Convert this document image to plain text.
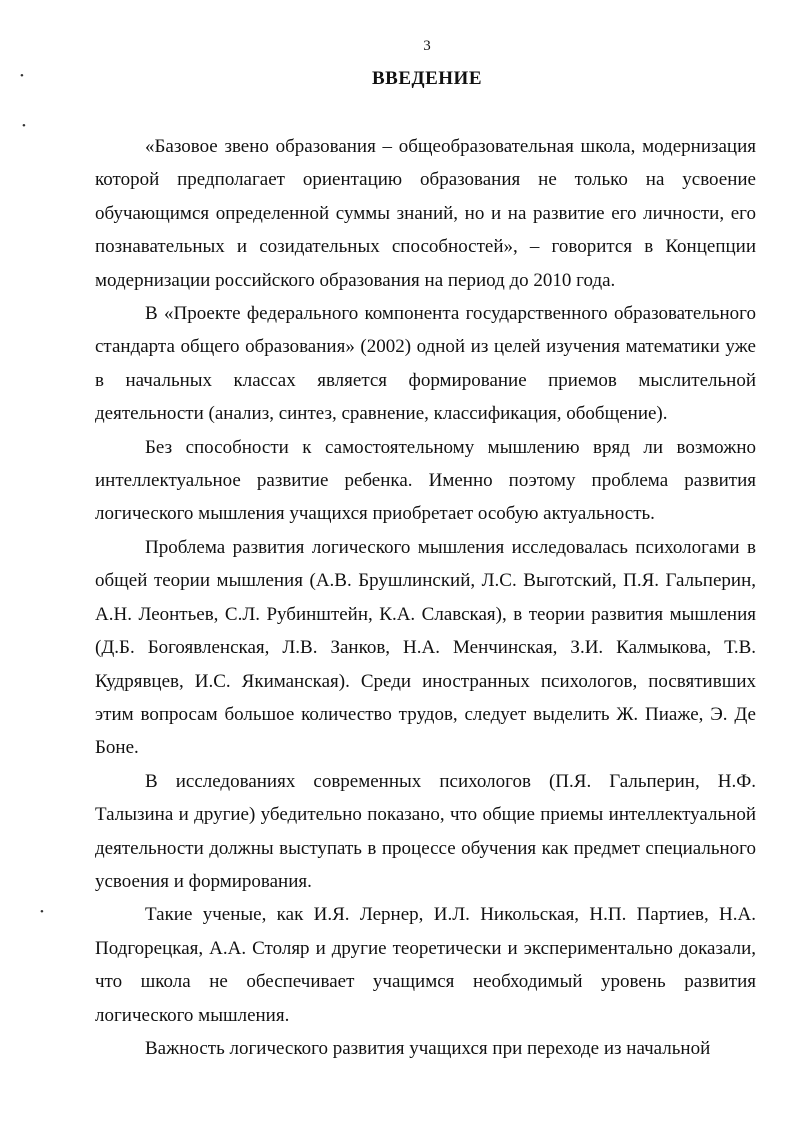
3
ВВЕДЕНИЕ
•
•
•

«Базовое звено образования – общеобразовательная школа, модернизация которой предполагает ориентацию образования не только на усвоение обучающимся определенной суммы знаний, но и на развитие его личности, его познавательных и созидательных способностей», – говорится в Концепции модернизации российского образования на период до 2010 года.

В «Проекте федерального компонента государственного образовательного стандарта общего образования» (2002) одной из целей изучения математики уже в начальных классах является формирование приемов мыслительной деятельности (анализ, синтез, сравнение, классификация, обобщение).

Без способности к самостоятельному мышлению вряд ли возможно интеллектуальное развитие ребенка. Именно поэтому проблема развития логического мышления учащихся приобретает особую актуальность.

Проблема развития логического мышления исследовалась психологами в общей теории мышления (А.В. Брушлинский, Л.С. Выготский, П.Я. Гальперин, А.Н. Леонтьев, С.Л. Рубинштейн, К.А. Славская), в теории развития мышления (Д.Б. Богоявленская, Л.В. Занков, Н.А. Менчинская, З.И. Калмыкова, Т.В. Кудрявцев, И.С. Якиманская). Среди иностранных психологов, посвятивших этим вопросам большое количество трудов, следует выделить Ж. Пиаже, Э. Де Боне.

В исследованиях современных психологов (П.Я. Гальперин, Н.Ф. Талызина и другие) убедительно показано, что общие приемы интеллектуальной деятельности должны выступать в процессе обучения как предмет специального усвоения и формирования.

Такие ученые, как И.Я. Лернер, И.Л. Никольская, Н.П. Партиев, Н.А. Подгорецкая, А.А. Столяр и другие теоретически и экспериментально доказали, что школа не обеспечивает учащимся необходимый уровень развития логического мышления.

Важность логического развития учащихся при переходе из начальной
